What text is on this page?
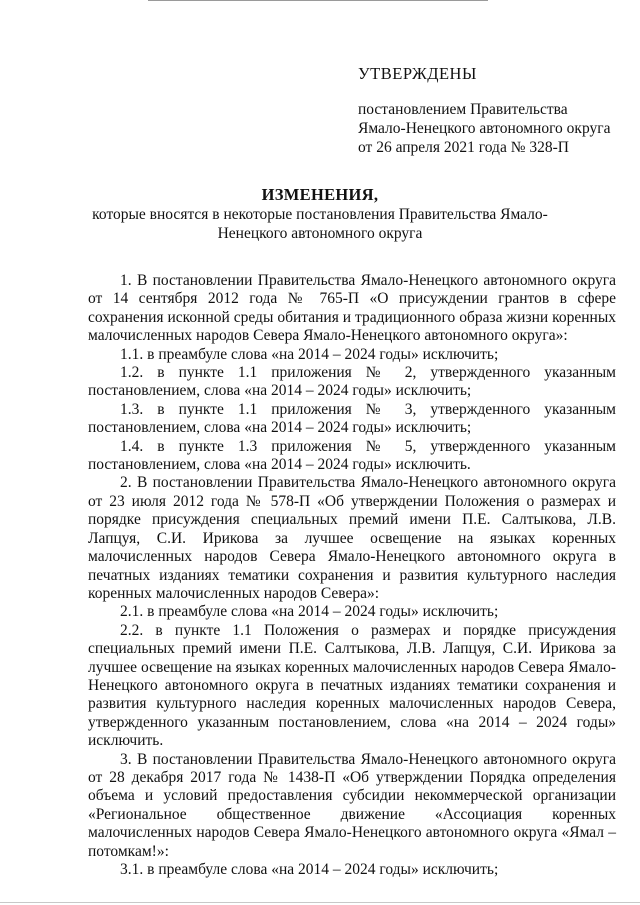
УТВЕРЖДЕНЫ
постановлением Правительства
Ямало-Ненецкого автономного округа
от 26 апреля 2021 года № 328-П
ИЗМЕНЕНИЯ,
которые вносятся в некоторые постановления Правительства Ямало-Ненецкого автономного округа

1. В постановлении Правительства Ямало-Ненецкого автономного округа от 14 сентября 2012 года № 765-П «О присуждении грантов в сфере сохранения исконной среды обитания и традиционного образа жизни коренных малочисленных народов Севера Ямало-Ненецкого автономного округа»:

1.1. в преамбуле слова «на 2014 – 2024 годы» исключить;

1.2. в пункте 1.1 приложения № 2, утвержденного указанным постановлением, слова «на 2014 – 2024 годы» исключить;

1.3. в пункте 1.1 приложения № 3, утвержденного указанным постановлением, слова «на 2014 – 2024 годы» исключить;

1.4. в пункте 1.3 приложения № 5, утвержденного указанным постановлением, слова «на 2014 – 2024 годы» исключить.

2. В постановлении Правительства Ямало-Ненецкого автономного округа от 23 июля 2012 года № 578-П «Об утверждении Положения о размерах и порядке присуждения специальных премий имени П.Е. Салтыкова, Л.В. Лапцуя, С.И. Ирикова за лучшее освещение на языках коренных малочисленных народов Севера Ямало-Ненецкого автономного округа в печатных изданиях тематики сохранения и развития культурного наследия коренных малочисленных народов Севера»:

2.1. в преамбуле слова «на 2014 – 2024 годы» исключить;

2.2. в пункте 1.1 Положения о размерах и порядке присуждения специальных премий имени П.Е. Салтыкова, Л.В. Лапцуя, С.И. Ирикова за лучшее освещение на языках коренных малочисленных народов Севера Ямало-Ненецкого автономного округа в печатных изданиях тематики сохранения и развития культурного наследия коренных малочисленных народов Севера, утвержденного указанным постановлением, слова «на 2014 – 2024 годы» исключить.

3. В постановлении Правительства Ямало-Ненецкого автономного округа от 28 декабря 2017 года № 1438-П «Об утверждении Порядка определения объема и условий предоставления субсидии некоммерческой организации «Региональное общественное движение «Ассоциация коренных малочисленных народов Севера Ямало-Ненецкого автономного округа «Ямал – потомкам!»:

3.1. в преамбуле слова «на 2014 – 2024 годы» исключить;
